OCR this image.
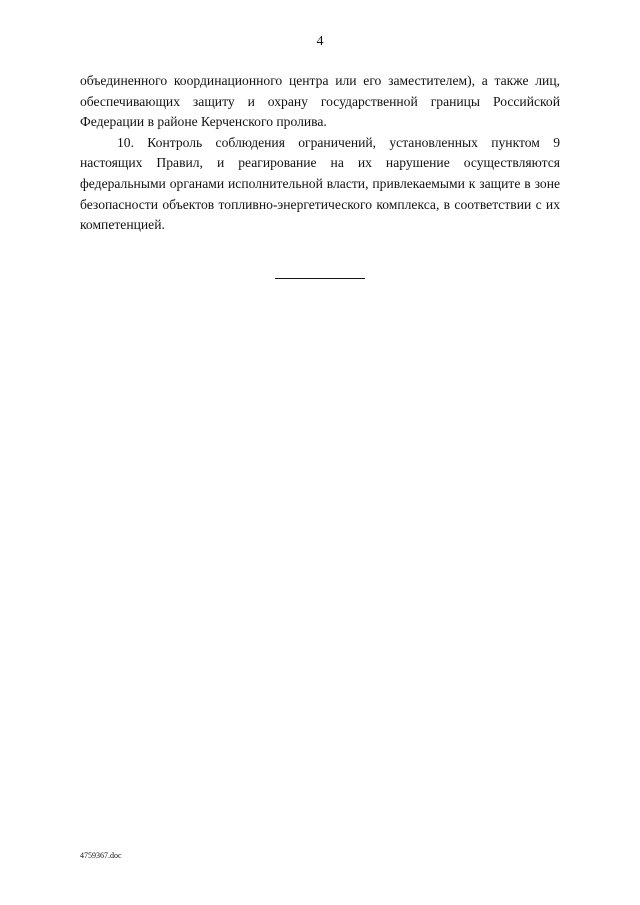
4

объединенного координационного центра или его заместителем), а также лиц, обеспечивающих защиту и охрану государственной границы Российской Федерации в районе Керченского пролива.

10. Контроль соблюдения ограничений, установленных пунктом 9 настоящих Правил, и реагирование на их нарушение осуществляются федеральными органами исполнительной власти, привлекаемыми к защите в зоне безопасности объектов топливно-энергетического комплекса, в соответствии с их компетенцией.

4759367.doc
